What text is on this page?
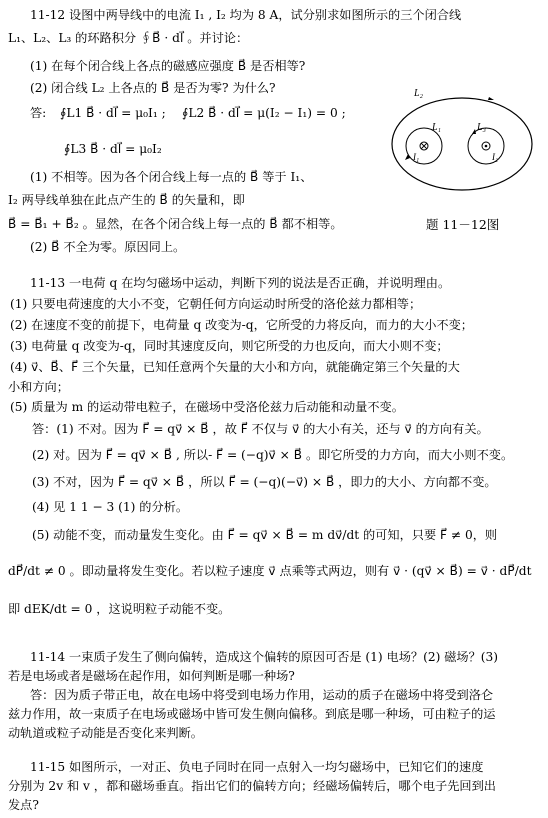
11-12 设图中两导线中的电流 I₁ , I₂ 均为 8 A，试分别求如图所示的三个闭合线
L₁、L₂、L₃ 的环路积分 ∮B⃗ · dl⃗ 。并讨论：
(1) 在每个闭合线上各点的磁感应强度 B⃗ 是否相等?
(2) 闭合线 L₂ 上各点的 B⃗ 是否为零? 为什么?
答: ∮L1 B⃗ · dl⃗ = μ₀I₁ ; ∮L2 B⃗ · dl⃗ = μ(I₂ − I₁) = 0 ;
∮L3 B⃗ · dl⃗ = μ₀I₂
(1) 不相等。因为各个闭合线上每一点的 B⃗ 等于 I₁、
I₂ 两导线单独在此点产生的 B⃗ 的矢量和，即
B⃗ = B⃗₁ + B⃗₂ 。显然，在各个闭合线上每一点的 B⃗ 都不相等。
(2) B⃗ 不全为零。原因同上。
L₂
L₁	L₃
I₁	I₂
题 11－12图
11-13 一电荷 q 在均匀磁场中运动，判断下列的说法是否正确，并说明理由。
(1) 只要电荷速度的大小不变，它朝任何方向运动时所受的洛伦兹力都相等；
(2) 在速度不变的前提下，电荷量 q 改变为-q，它所受的力将反向，而力的大小不变；
(3) 电荷量 q 改变为-q，同时其速度反向，则它所受的力也反向，而大小则不变；
(4) v⃗、B⃗、F⃗ 三个矢量，已知任意两个矢量的大小和方向，就能确定第三个矢量的大
小和方向；
(5) 质量为 m 的运动带电粒子，在磁场中受洛伦兹力后动能和动量不变。
答：(1) 不对。因为 F⃗ = qv⃗ × B⃗ ，故 F⃗ 不仅与 v⃗ 的大小有关，还与 v⃗ 的方向有关。
(2) 对。因为 F⃗ = qv⃗ × B⃗ , 所以- F⃗ = (−q)v⃗ × B⃗ 。即它所受的力方向，而大小则不变。
(3) 不对，因为 F⃗ = qv⃗ × B⃗ ，所以 F⃗ = (−q)(−v⃗) × B⃗ ，即力的大小、方向都不变。
(4) 见 1 1 − 3 (1) 的分析。
(5) 动能不变，而动量发生变化。由 F⃗ = qv⃗ × B⃗ = m dv⃗/dt 的可知，只要 F⃗ ≠ 0，则
dP⃗/dt ≠ 0 。即动量将发生变化。若以粒子速度 v⃗ 点乘等式两边，则有 v⃗ · (qv⃗ × B⃗) = v⃗ · dP⃗/dt
即 dEK/dt = 0 ，这说明粒子动能不变。
11-14 一束质子发生了侧向偏转，造成这个偏转的原因可否是 (1) 电场？(2) 磁场？(3)
若是电场或者是磁场在起作用，如何判断是哪一种场?
答：因为质子带正电，故在电场中将受到电场力作用，运动的质子在磁场中将受到洛仑
兹力作用，故一束质子在电场或磁场中皆可发生侧向偏移。到底是哪一种场，可由粒子的运
动轨道或粒子动能是否变化来判断。
11-15 如图所示，一对正、负电子同时在同一点射入一均匀磁场中，已知它们的速度
分别为 2v 和 v ，都和磁场垂直。指出它们的偏转方向；经磁场偏转后，哪个电子先回到出
发点?
